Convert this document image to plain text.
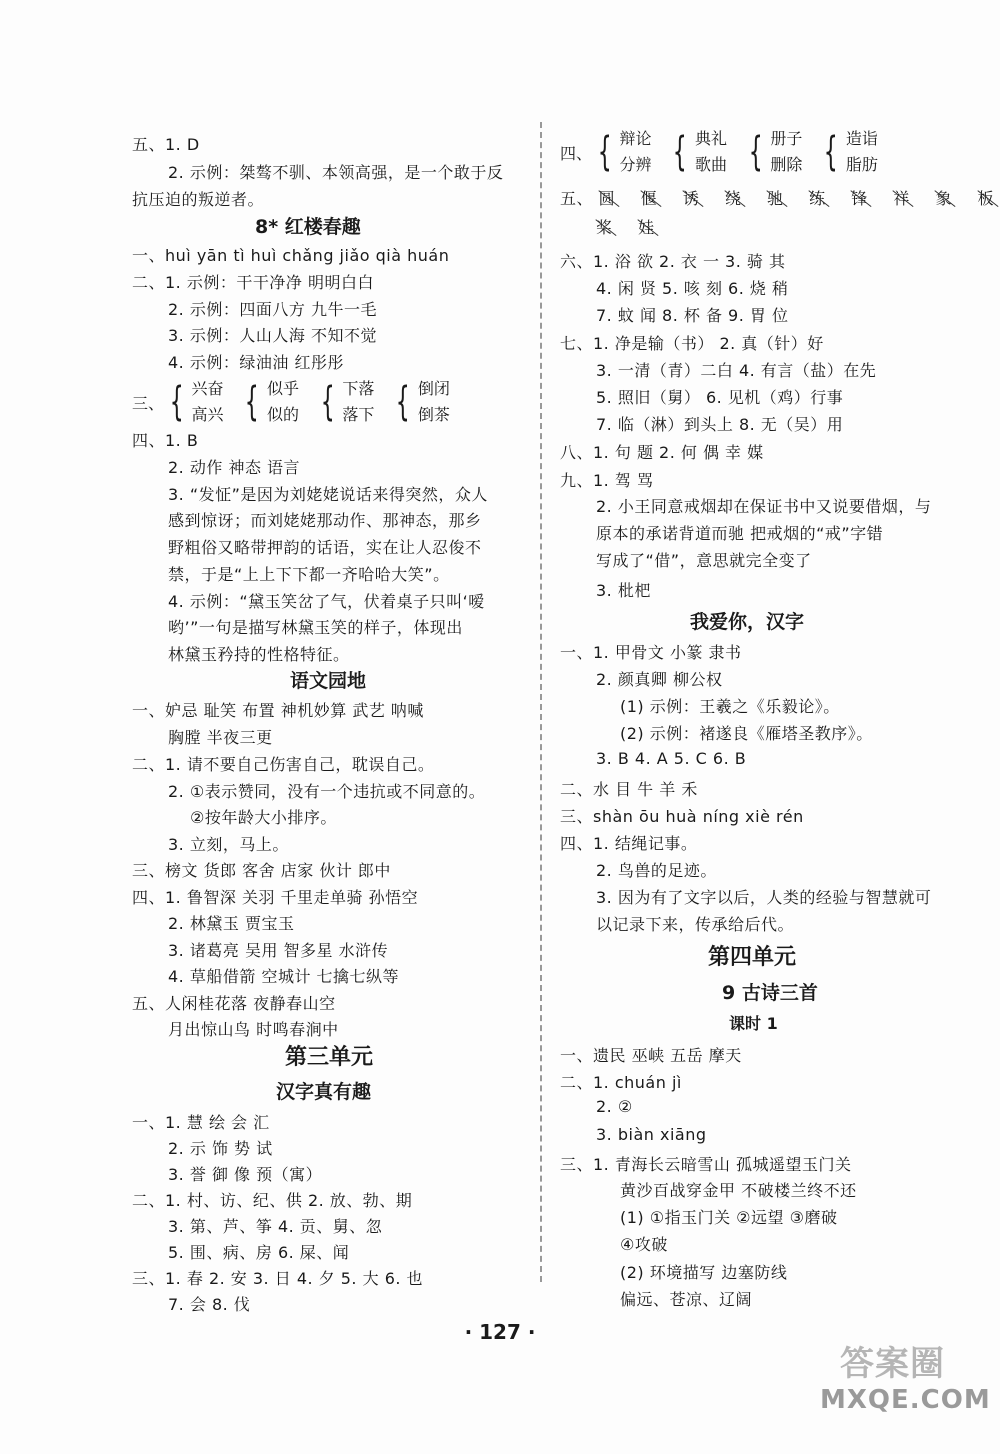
五、1. D
2. 示例：桀骜不驯、本领高强，是一个敢于反
抗压迫的叛逆者。
8* 红楼春趣
一、huì yān tì huì chǎng jiǎo qià huán
二、1. 示例：干干净净 明明白白
2. 示例：四面八方 九牛一毛
3. 示例：人山人海 不知不觉
4. 示例：绿油油 红彤彤
三、 { 兴奋
高兴 { 似乎
似的 { 下落
落下 { 倒闭
倒茶
四、1. B
2. 动作 神态 语言
3. “发怔”是因为刘姥姥说话来得突然，众人
感到惊讶；而刘姥姥那动作、那神态，那乡
野粗俗又略带押韵的话语，实在让人忍俊不
禁，于是“上上下下都一齐哈哈大笑”。
4. 示例：“黛玉笑岔了气，伏着桌子只叫‘嗳
哟’”一句是描写林黛玉笑的样子，体现出
林黛玉矜持的性格特征。
语文园地
一、妒忌 耻笑 布置 神机妙算 武艺 呐喊
胸膛 半夜三更
二、1. 请不要自己伤害自己，耽误自己。
2. ①表示赞同，没有一个违抗或不同意的。
②按年龄大小排序。
3. 立刻，马上。
三、榜文 货郎 客舍 店家 伙计 郎中
四、1. 鲁智深 关羽 千里走单骑 孙悟空
2. 林黛玉 贾宝玉
3. 诸葛亮 吴用 智多星 水浒传
4. 草船借箭 空城计 七擒七纵等
五、人闲桂花落 夜静春山空
月出惊山鸟 时鸣春涧中
第三单元
汉字真有趣
一、1. 慧 绘 会 汇
2. 示 饰 势 试
3. 誉 御 像 预（寓）
二、1. 村、访、纪、供 2. 放、勃、期
3. 第、芦、筝 4. 贡、舅、忽
5. 围、病、房 6. 屎、闻
三、1. 春 2. 安 3. 日 4. 夕 5. 大 6. 也
7. 会 8. 伐
四、 { 辩论
分辨 { 典礼
歌曲 { 册子
删除 { 造诣
脂肪
五、 圆 偃 诱 绕 驰 练 锋 祥 象 板
桨 娃
六、1. 浴 欲 2. 衣 一 3. 骑 其
4. 闲 贤 5. 咳 刻 6. 烧 稍
7. 蚊 闻 8. 杯 备 9. 胃 位
七、1. 净是输（书） 2. 真（针）好
3. 一清（青）二白 4. 有言（盐）在先
5. 照旧（舅） 6. 见机（鸡）行事
7. 临（淋）到头上 8. 无（吴）用
八、1. 句 题 2. 何 偶 幸 媒
九、1. 驾 骂
2. 小王同意戒烟却在保证书中又说要借烟，与
原本的承诺背道而驰 把戒烟的“戒”字错
写成了“借”，意思就完全变了
3. 枇杷
我爱你，汉字
一、1. 甲骨文 小篆 隶书
2. 颜真卿 柳公权
(1) 示例：王羲之《乐毅论》。
(2) 示例：褚遂良《雁塔圣教序》。
3. B 4. A 5. C 6. B
二、水 目 牛 羊 禾
三、shàn ōu huà níng xiè rén
四、1. 结绳记事。
2. 鸟兽的足迹。
3. 因为有了文字以后，人类的经验与智慧就可
以记录下来，传承给后代。
第四单元
9 古诗三首
课时 1
一、遗民 巫峡 五岳 摩天
二、1. chuán jì
2. ②
3. biàn xiāng
三、1. 青海长云暗雪山 孤城遥望玉门关
黄沙百战穿金甲 不破楼兰终不还
(1) ①指玉门关 ②远望 ③磨破
④攻破
(2) 环境描写 边塞防线
偏远、苍凉、辽阔
· 127 ·
答案圈
MXQE.COM
